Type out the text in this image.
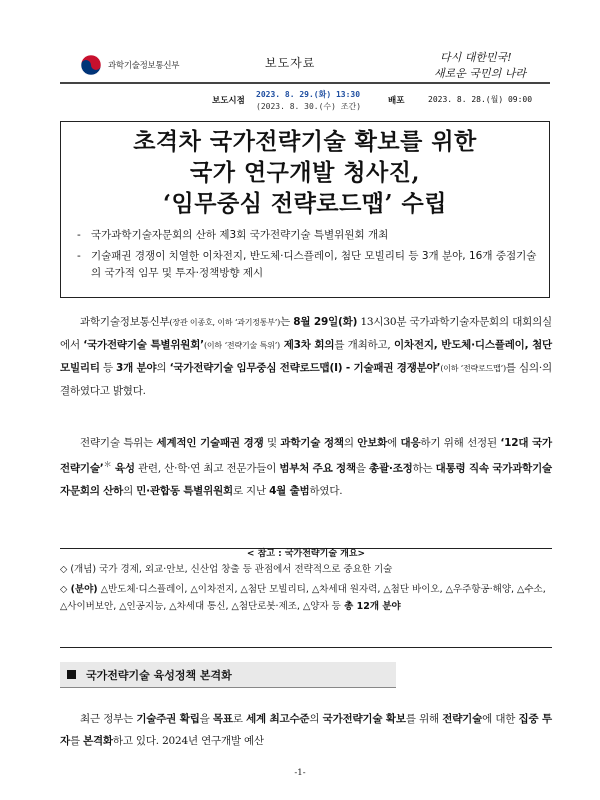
과학기술정보통신부	보도자료	다시 대한민국!
새로운 국민의 나라
보도시점
2023. 8. 29.(화) 13:30
(2023. 8. 30.(수) 조간)
배포	2023. 8. 28.(월) 09:00
초격차 국가전략기술 확보를 위한
국가 연구개발 청사진,
‘임무중심 전략로드맵’ 수립
- 국가과학기술자문회의 산하 제3회 국가전략기술 특별위원회 개최
- 기술패권 경쟁이 치열한 이차전지, 반도체·디스플레이, 첨단 모빌리티 등 3개 분야, 16개 중점기술의 국가적 임무 및 투자·정책방향 제시
과학기술정보통신부(장관 이종호, 이하 ‘과기정통부’)는 8월 29일(화) 13시30분 국가과학기술자문회의 대회의실에서 ‘국가전략기술 특별위원회’(이하 ‘전략기술 특위’) 제3차 회의를 개최하고, 이차전지, 반도체·디스플레이, 첨단 모빌리티 등 3개 분야의 ‘국가전략기술 임무중심 전략로드맵(Ⅰ) - 기술패권 경쟁분야’(이하 ‘전략로드맵’)를 심의·의결하였다고 밝혔다.
전략기술 특위는 세계적인 기술패권 경쟁 및 과학기술 정책의 안보화에 대응하기 위해 선정된 ‘12대 국가전략기술’＊ 육성 관련, 산·학·연 최고 전문가들이 범부처 주요 정책을 총괄·조정하는 대통령 직속 국가과학기술자문회의 산하의 민·관합동 특별위원회로 지난 4월 출범하였다.
< 참고 : 국가전략기술 개요>
◇ (개념) 국가 경제, 외교·안보, 신산업 창출 등 관점에서 전략적으로 중요한 기술
◇ (분야) △반도체·디스플레이, △이차전지, △첨단 모빌리티, △차세대 원자력, △첨단 바이오, △우주항공·해양, △수소, △사이버보안, △인공지능, △차세대 통신, △첨단로봇·제조, △양자 등 총 12개 분야
국가전략기술 육성정책 본격화
최근 정부는 기술주권 확립을 목표로 세계 최고수준의 국가전략기술 확보를 위해 전략기술에 대한 집중 투자를 본격화하고 있다. 2024년 연구개발 예산
-1-
